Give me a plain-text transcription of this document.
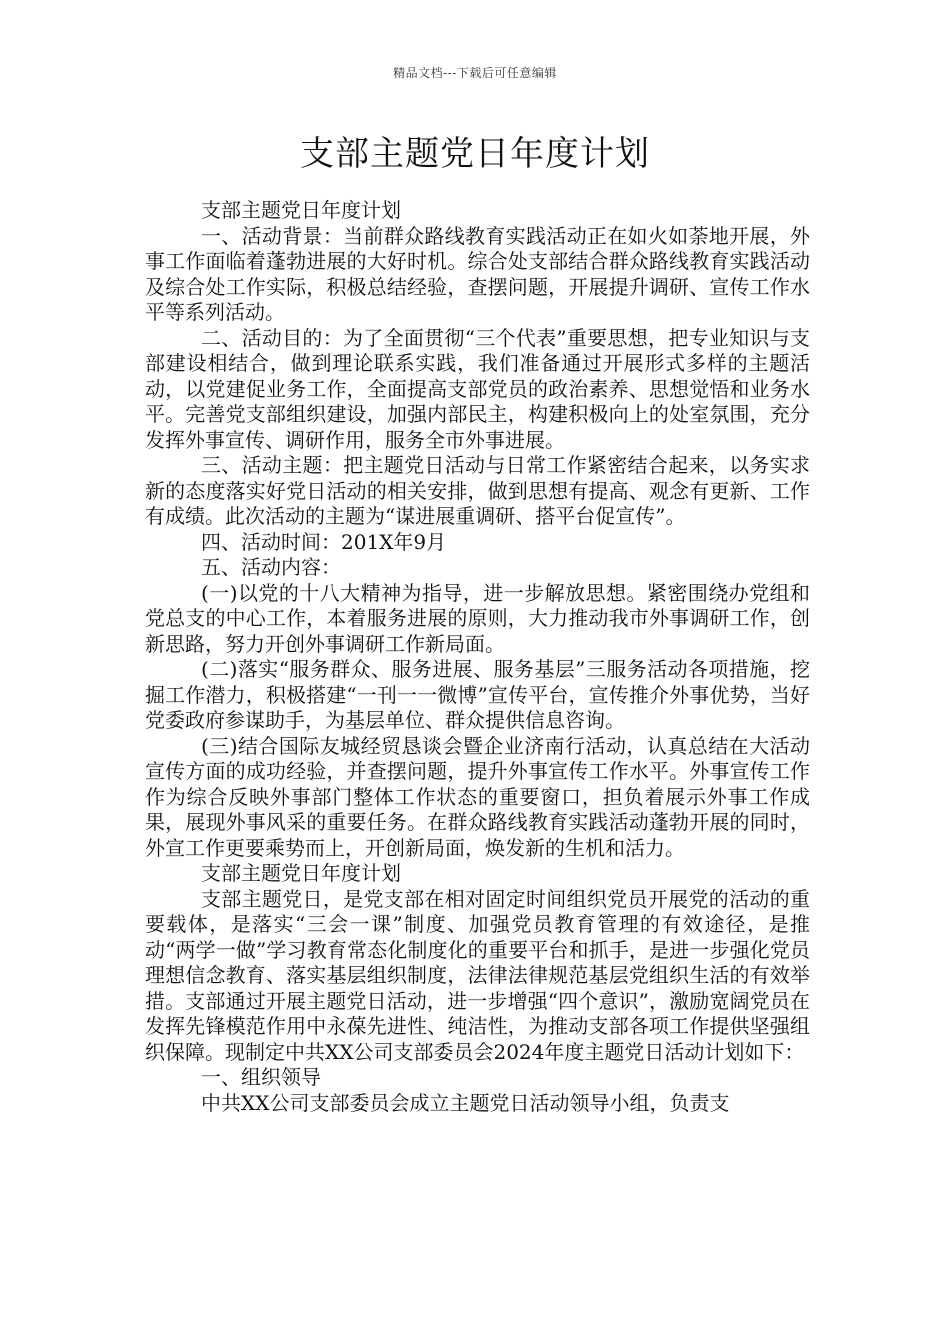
精品文档---下载后可任意编辑
支部主题党日年度计划

支部主题党日年度计划

一、活动背景：当前群众路线教育实践活动正在如火如荼地开展，外事工作面临着蓬勃进展的大好时机。综合处支部结合群众路线教育实践活动及综合处工作实际，积极总结经验，查摆问题，开展提升调研、宣传工作水平等系列活动。

二、活动目的：为了全面贯彻“三个代表”重要思想，把专业知识与支部建设相结合，做到理论联系实践，我们准备通过开展形式多样的主题活动，以党建促业务工作，全面提高支部党员的政治素养、思想觉悟和业务水平。完善党支部组织建设，加强内部民主，构建积极向上的处室氛围，充分发挥外事宣传、调研作用，服务全市外事进展。

三、活动主题：把主题党日活动与日常工作紧密结合起来，以务实求新的态度落实好党日活动的相关安排，做到思想有提高、观念有更新、工作有成绩。此次活动的主题为“谋进展重调研、搭平台促宣传”。

四、活动时间：201X年9月

五、活动内容：

(一)以党的十八大精神为指导，进一步解放思想。紧密围绕办党组和党总支的中心工作，本着服务进展的原则，大力推动我市外事调研工作，创新思路，努力开创外事调研工作新局面。

(二)落实“服务群众、服务进展、服务基层”三服务活动各项措施，挖掘工作潜力，积极搭建“一刊一一微博”宣传平台，宣传推介外事优势，当好党委政府参谋助手，为基层单位、群众提供信息咨询。

(三)结合国际友城经贸恳谈会暨企业济南行活动，认真总结在大活动宣传方面的成功经验，并查摆问题，提升外事宣传工作水平。外事宣传工作作为综合反映外事部门整体工作状态的重要窗口，担负着展示外事工作成果，展现外事风采的重要任务。在群众路线教育实践活动蓬勃开展的同时，外宣工作更要乘势而上，开创新局面，焕发新的生机和活力。

支部主题党日年度计划

支部主题党日，是党支部在相对固定时间组织党员开展党的活动的重要载体，是落实“三会一课”制度、加强党员教育管理的有效途径，是推动“两学一做”学习教育常态化制度化的重要平台和抓手，是进一步强化党员理想信念教育、落实基层组织制度，法律法律规范基层党组织生活的有效举措。支部通过开展主题党日活动，进一步增强“四个意识”，激励宽阔党员在发挥先锋模范作用中永葆先进性、纯洁性，为推动支部各项工作提供坚强组织保障。现制定中共XX公司支部委员会2024年度主题党日活动计划如下：

一、组织领导

中共XX公司支部委员会成立主题党日活动领导小组，负责支
